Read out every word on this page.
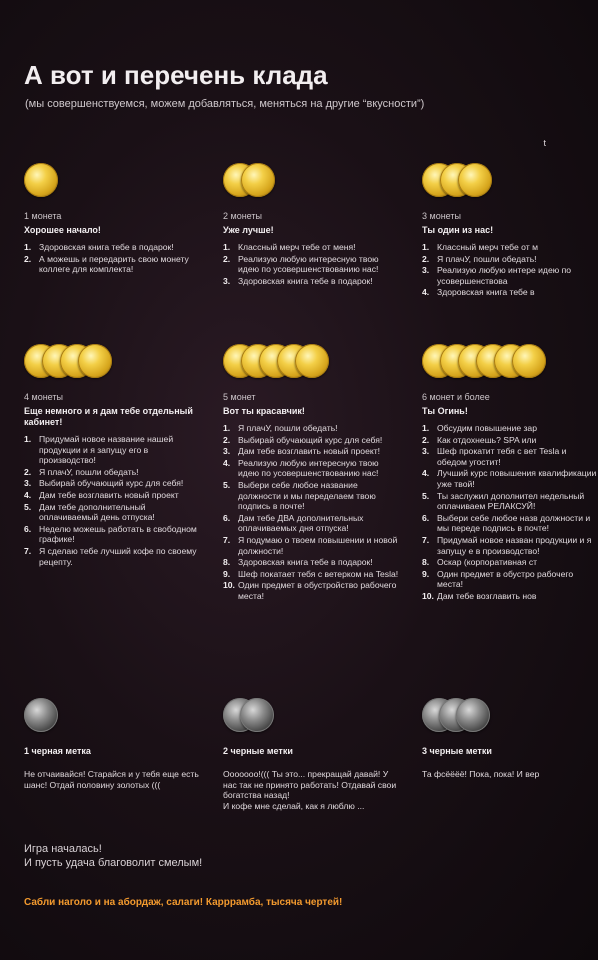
А вот и перечень клада
(мы совершенствуемся, можем добавляться, меняться на другие “вкусности”)
t
1 монета
Хорошее начало!
1. Здоровская книга тебе в подарок!
2. А можешь и передарить свою монету коллеге для комплекта!
2 монеты
Уже лучше!
1. Классный мерч тебе от меня!
2. Реализую любую интересную твою идею по усовершенствованию нас!
3. Здоровская книга тебе в подарок!
3 монеты
Ты один из нас!
1. Классный мерч тебе от м
2. Я плачУ, пошли обедать!
3. Реализую любую интере идею по усовершенствова
4. Здоровская книга тебе в
4 монеты
Еще немного и я дам тебе отдельный кабинет!
1. Придумай новое название нашей продукции и я запущу его в производство!
2. Я плачУ, пошли обедать!
3. Выбирай обучающий курс для себя!
4. Дам тебе возглавить новый проект
5. Дам тебе дополнительный оплачиваемый день отпуска!
6. Неделю можешь работать в свободном графике!
7. Я сделаю тебе лучший кофе по своему рецепту.
5 монет
Вот ты красавчик!
1. Я плачУ, пошли обедать!
2. Выбирай обучающий курс для себя!
3. Дам тебе возглавить новый проект!
4. Реализую любую интересную твою идею по усовершенствованию нас!
5. Выбери себе любое название должности и мы переделаем твою подпись в почте!
6. Дам тебе ДВА дополнительных оплачиваемых дня отпуска!
7. Я подумаю о твоем повышении и новой должности!
8. Здоровская книга тебе в подарок!
9. Шеф покатает тебя с ветерком на Tesla!
10. Один предмет в обустройство рабочего места!
6 монет и более
Ты Огинь!
1. Обсудим повышение зар
2. Как отдохнешь? SPA или
3. Шеф прокатит тебя с вет Tesla и обедом угостит!
4. Лучший курс повышения квалификации уже твой!
5. Ты заслужил дополнител недельный оплачиваем РЕЛАКСУЙ!
6. Выбери себе любое назв должности и мы переде подпись в почте!
7. Придумай новое назван продукции и я запущу е в производство!
8. Оскар (корпоративная ст
9. Один предмет в обустро рабочего места!
10. Дам тебе возглавить нов
1 черная метка
Не отчаивайся! Старайся и у тебя еще есть шанс! Отдай половину золотых (((
2 черные метки
Оооoooo!((( Ты это... прекращай давай! У нас так не принято работать! Отдавай свои богатства назад!
И кофе мне сделай, как я люблю ...
3 черные метки
Та фсёёёё! Пока, пока! И вер
Игра началась!
И пусть удача благоволит смелым!
Сабли наголо и на абордаж, салаги! Карррамба, тысяча чертей!
